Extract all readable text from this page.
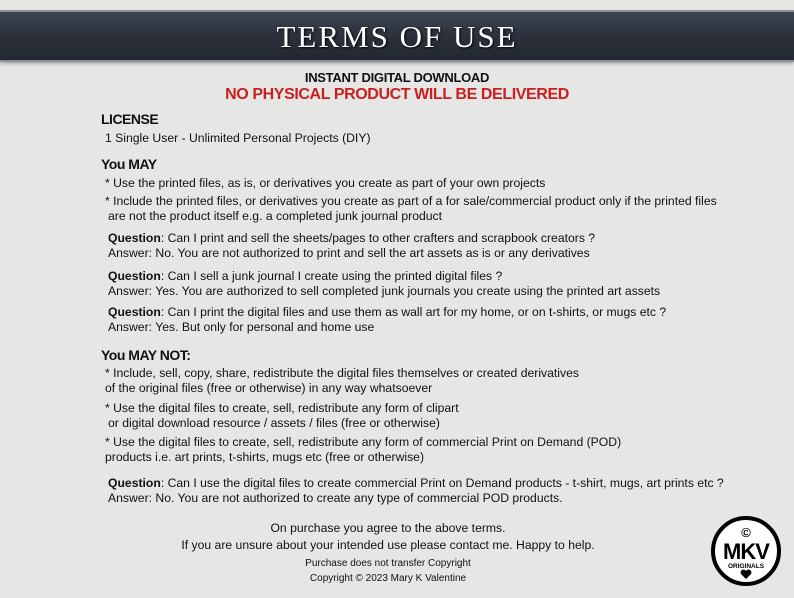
TERMS OF USE
INSTANT DIGITAL DOWNLOAD
NO PHYSICAL PRODUCT WILL BE DELIVERED
LICENSE
1 Single User - Unlimited Personal Projects (DIY)
You MAY
* Use the printed files, as is, or derivatives you create as part of your own projects
* Include the printed files, or derivatives you create as part of a for sale/commercial product only if the printed files
are not the product itself e.g. a completed junk journal product
Question: Can I print and sell the sheets/pages to other crafters and scrapbook creators ?
Answer: No. You are not authorized to print and sell the art assets as is or any derivatives
Question: Can I sell a junk journal I create using the printed digital files ?
Answer: Yes. You are authorized to sell completed junk journals you create using the printed art assets
Question: Can I print the digital files and use them as wall art for my home, or on t-shirts, or mugs etc ?
Answer: Yes. But only for personal and home use
You MAY NOT:
* Include, sell, copy, share, redistribute the digital files themselves or created derivatives
of the original files (free or otherwise) in any way whatsoever
* Use the digital files to create, sell, redistribute any form of clipart
or digital download resource / assets / files (free or otherwise)
* Use the digital files to create, sell, redistribute any form of commercial Print on Demand (POD)
products i.e. art prints, t-shirts, mugs etc (free or otherwise)
Question: Can I use the digital files to create commercial Print on Demand products - t-shirt, mugs, art prints etc ?
Answer: No. You are not authorized to create any type of commercial POD products.
On purchase you agree to the above terms.
If you are unsure about your intended use please contact me. Happy to help.
Purchase does not transfer Copyright
Copyright © 2023 Mary K Valentine
©
MKV
ORIGINALS
